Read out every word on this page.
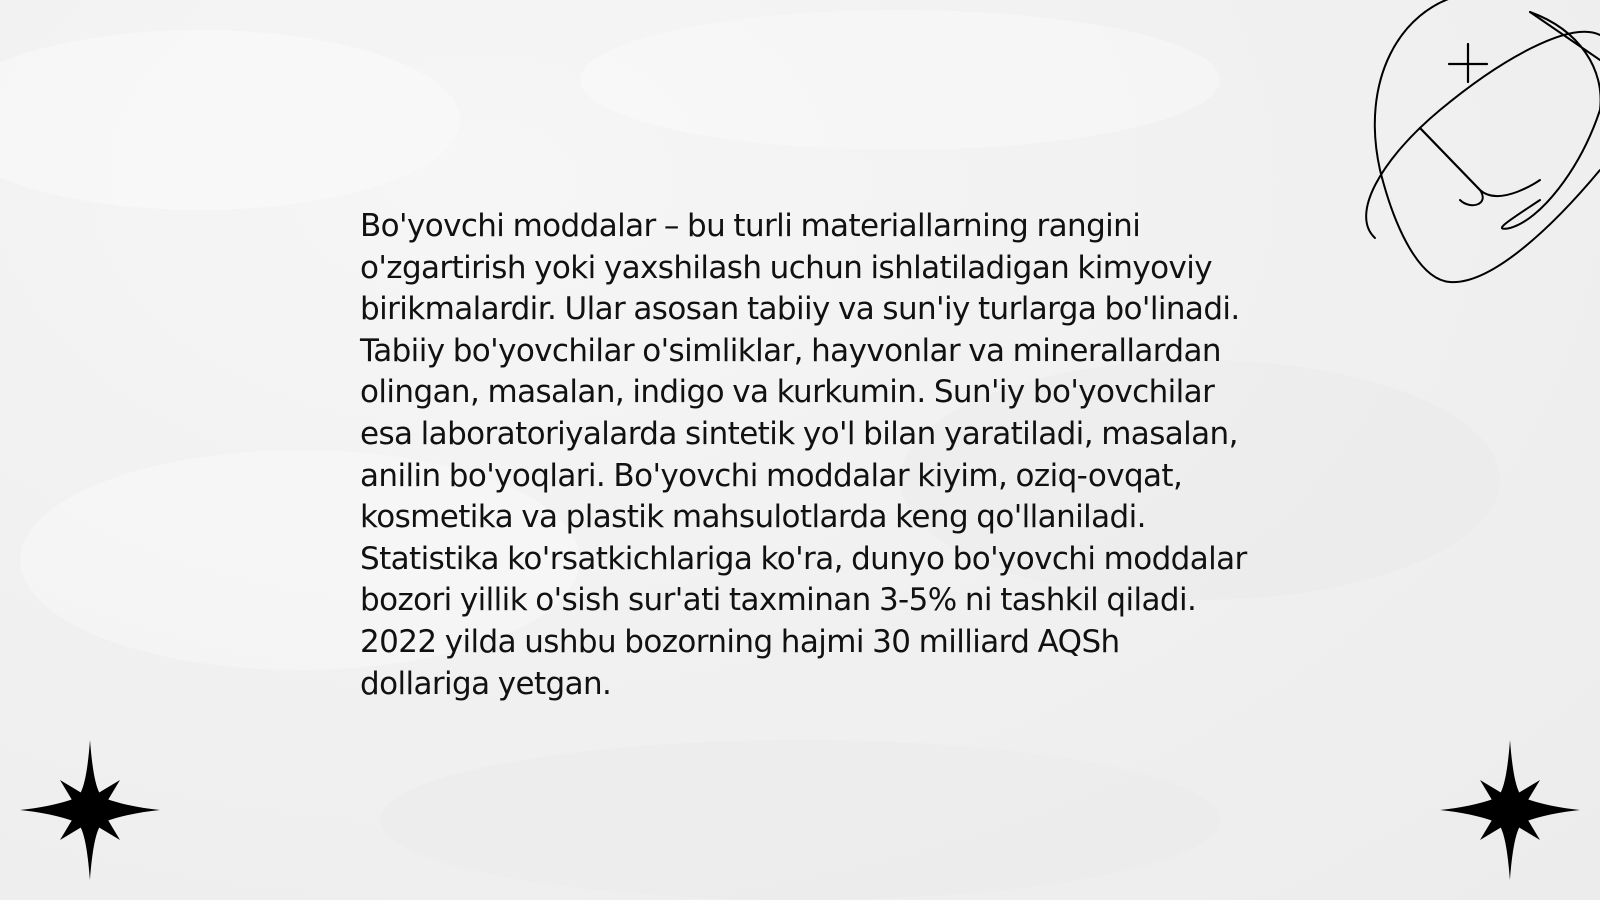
Bo'yovchi moddalar – bu turli materiallarning rangini o'zgartirish yoki yaxshilash uchun ishlatiladigan kimyoviy birikmalardir. Ular asosan tabiiy va sun'iy turlarga bo'linadi. Tabiiy bo'yovchilar o'simliklar, hayvonlar va minerallardan olingan, masalan, indigo va kurkumin. Sun'iy bo'yovchilar esa laboratoriyalarda sintetik yo'l bilan yaratiladi, masalan, anilin bo'yoqlari. Bo'yovchi moddalar kiyim, oziq-ovqat, kosmetika va plastik mahsulotlarda keng qo'llaniladi. Statistika ko'rsatkichlariga ko'ra, dunyo bo'yovchi moddalar bozori yillik o'sish sur'ati taxminan 3-5% ni tashkil qiladi. 2022 yilda ushbu bozorning hajmi 30 milliard AQSh dollariga yetgan.
